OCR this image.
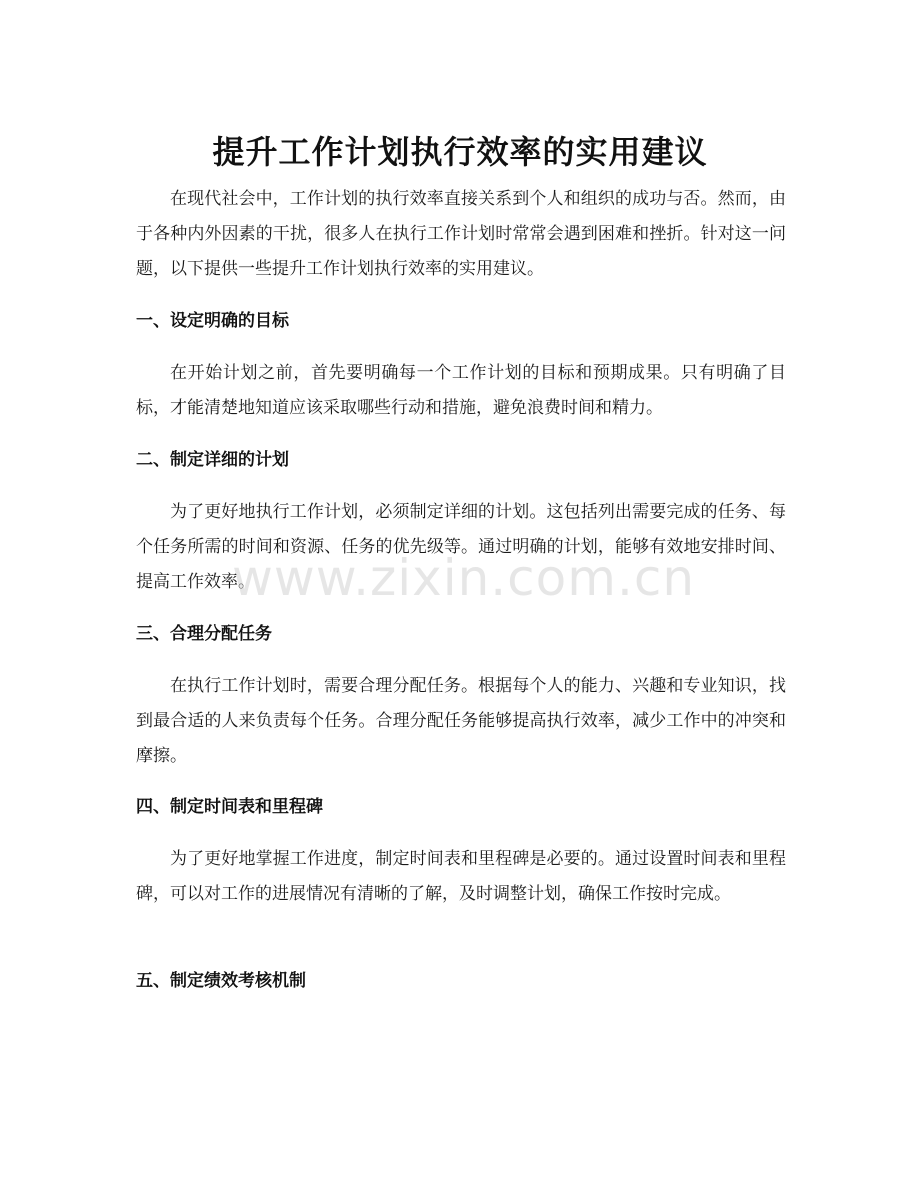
提升工作计划执行效率的实用建议

在现代社会中，工作计划的执行效率直接关系到个人和组织的成功与否。然而，由于各种内外因素的干扰，很多人在执行工作计划时常常会遇到困难和挫折。针对这一问题，以下提供一些提升工作计划执行效率的实用建议。

一、设定明确的目标

在开始计划之前，首先要明确每一个工作计划的目标和预期成果。只有明确了目标，才能清楚地知道应该采取哪些行动和措施，避免浪费时间和精力。

二、制定详细的计划

为了更好地执行工作计划，必须制定详细的计划。这包括列出需要完成的任务、每个任务所需的时间和资源、任务的优先级等。通过明确的计划，能够有效地安排时间、提高工作效率。

三、合理分配任务

在执行工作计划时，需要合理分配任务。根据每个人的能力、兴趣和专业知识，找到最合适的人来负责每个任务。合理分配任务能够提高执行效率，减少工作中的冲突和摩擦。

四、制定时间表和里程碑

为了更好地掌握工作进度，制定时间表和里程碑是必要的。通过设置时间表和里程碑，可以对工作的进展情况有清晰的了解，及时调整计划，确保工作按时完成。

五、制定绩效考核机制
www.zixin.com.cn
